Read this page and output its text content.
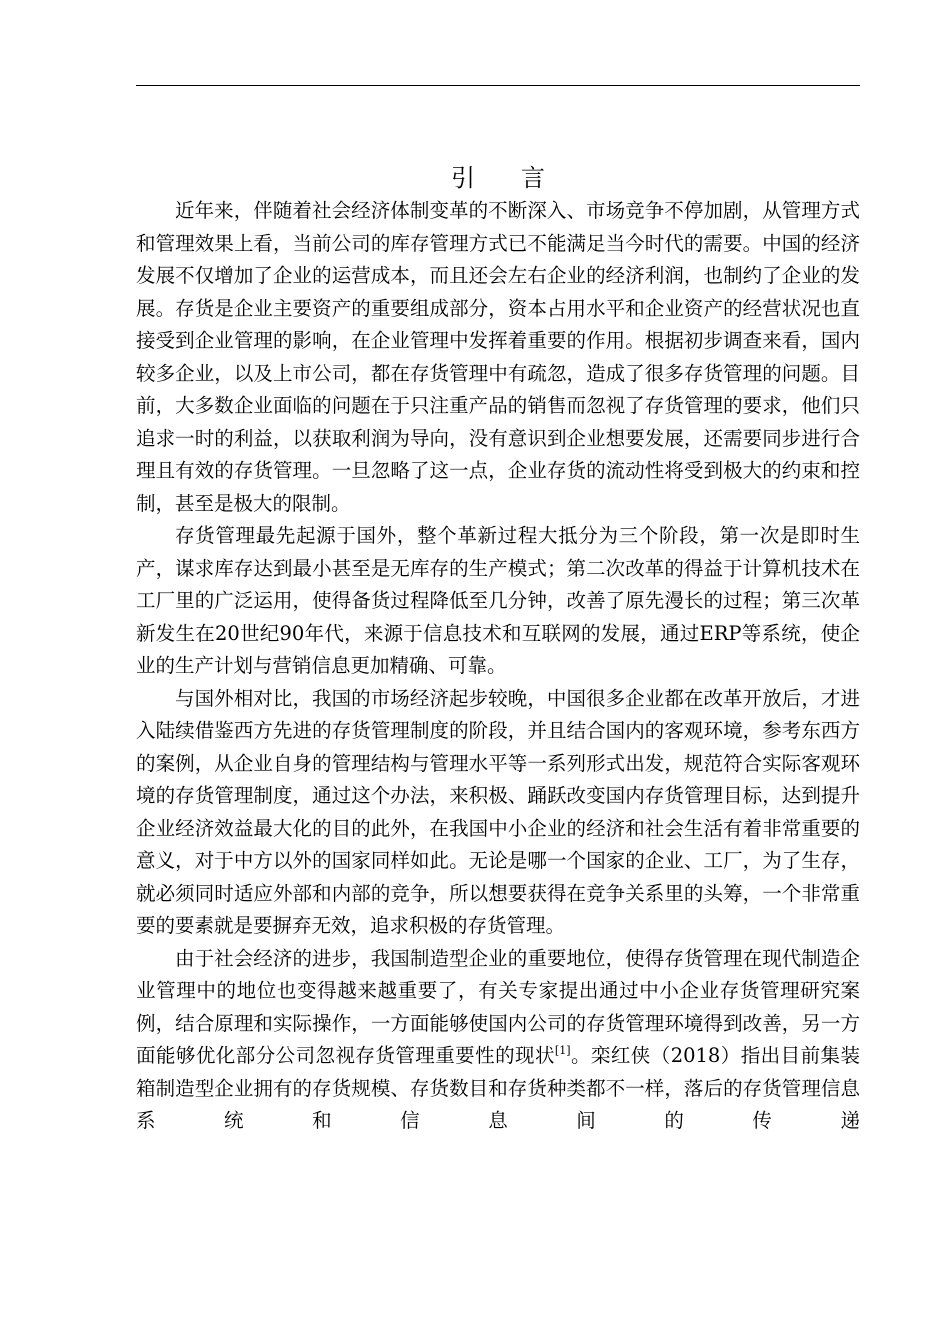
引言

近年来，伴随着社会经济体制变革的不断深入、市场竞争不停加剧，从管理方式和管理效果上看，当前公司的库存管理方式已不能满足当今时代的需要。中国的经济发展不仅增加了企业的运营成本，而且还会左右企业的经济利润，也制约了企业的发展。存货是企业主要资产的重要组成部分，资本占用水平和企业资产的经营状况也直接受到企业管理的影响，在企业管理中发挥着重要的作用。根据初步调查来看，国内较多企业，以及上市公司，都在存货管理中有疏忽，造成了很多存货管理的问题。目前，大多数企业面临的问题在于只注重产品的销售而忽视了存货管理的要求，他们只追求一时的利益，以获取利润为导向，没有意识到企业想要发展，还需要同步进行合理且有效的存货管理。一旦忽略了这一点，企业存货的流动性将受到极大的约束和控制，甚至是极大的限制。

存货管理最先起源于国外，整个革新过程大抵分为三个阶段，第一次是即时生产，谋求库存达到最小甚至是无库存的生产模式；第二次改革的得益于计算机技术在工厂里的广泛运用，使得备货过程降低至几分钟，改善了原先漫长的过程；第三次革新发生在20世纪90年代，来源于信息技术和互联网的发展，通过ERP等系统，使企业的生产计划与营销信息更加精确、可靠。

与国外相对比，我国的市场经济起步较晚，中国很多企业都在改革开放后，才进入陆续借鉴西方先进的存货管理制度的阶段，并且结合国内的客观环境，参考东西方的案例，从企业自身的管理结构与管理水平等一系列形式出发，规范符合实际客观环境的存货管理制度，通过这个办法，来积极、踊跃改变国内存货管理目标，达到提升企业经济效益最大化的目的此外，在我国中小企业的经济和社会生活有着非常重要的意义，对于中方以外的国家同样如此。无论是哪一个国家的企业、工厂，为了生存，就必须同时适应外部和内部的竞争，所以想要获得在竞争关系里的头筹，一个非常重要的要素就是要摒弃无效，追求积极的存货管理。

由于社会经济的进步，我国制造型企业的重要地位，使得存货管理在现代制造企业管理中的地位也变得越来越重要了，有关专家提出通过中小企业存货管理研究案例，结合原理和实际操作，一方面能够使国内公司的存货管理环境得到改善，另一方面能够优化部分公司忽视存货管理重要性的现状[1]。栾红侠（2018）指出目前集装箱制造型企业拥有的存货规模、存货数目和存货种类都不一样，落后的存货管理信息系统和信息间的传递
